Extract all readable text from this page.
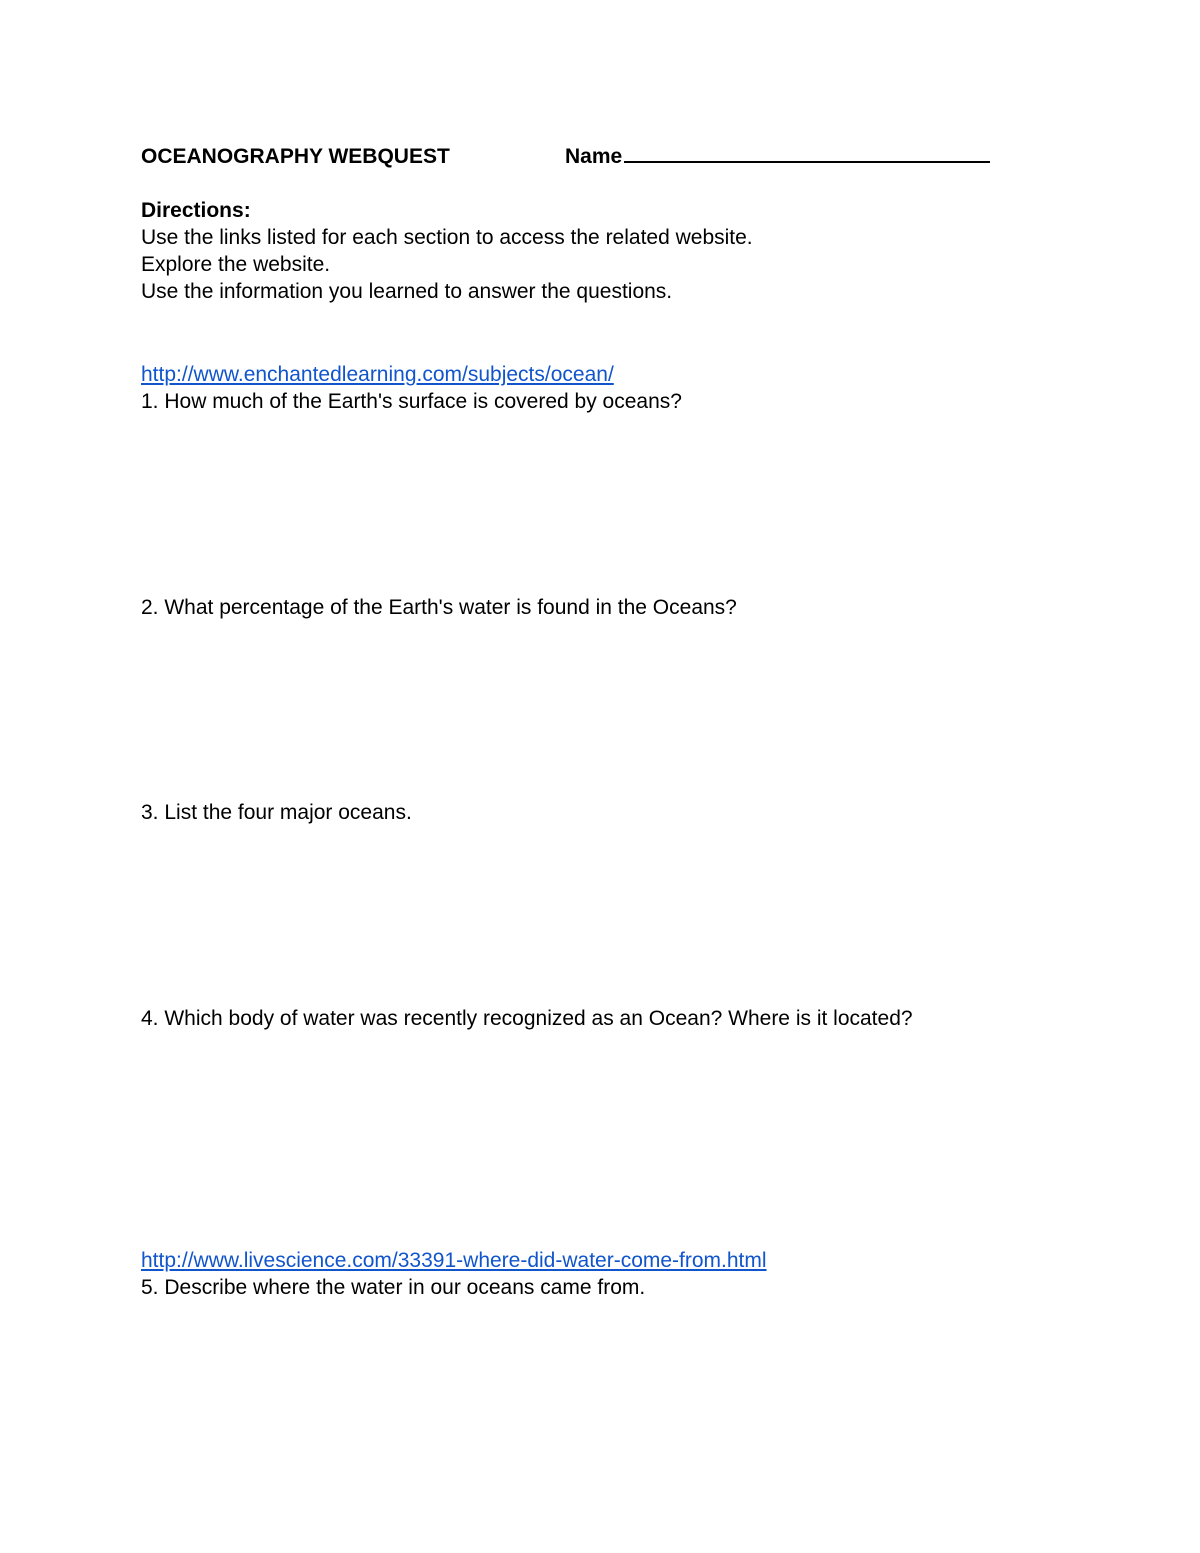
OCEANOGRAPHY WEBQUEST	Name
Directions:
Use the links listed for each section to access the related website.
Explore the website.
Use the information you learned to answer the questions.
http://www.enchantedlearning.com/subjects/ocean/
1. How much of the Earth's surface is covered by oceans?
2. What percentage of the Earth's water is found in the Oceans?
3. List the four major oceans.
4. Which body of water was recently recognized as an Ocean? Where is it located?
http://www.livescience.com/33391-where-did-water-come-from.html
5. Describe where the water in our oceans came from.
